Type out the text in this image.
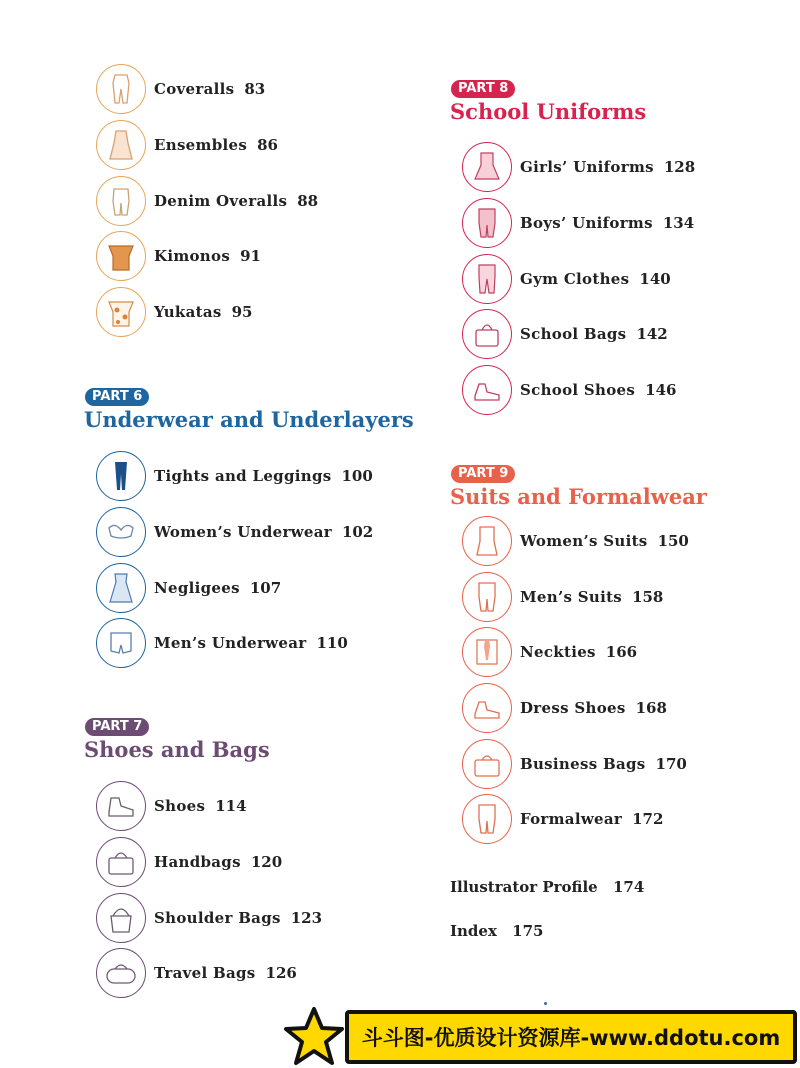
Coveralls 83
Ensembles 86
Denim Overalls 88
Kimonos 91
Yukatas 95
PART 6
Underwear and Underlayers
Tights and Leggings 100
Women’s Underwear 102
Negligees 107
Men’s Underwear 110
PART 7
Shoes and Bags
Shoes 114
Handbags 120
Shoulder Bags 123
Travel Bags 126
PART 8
School Uniforms
Girls’ Uniforms 128
Boys’ Uniforms 134
Gym Clothes 140
School Bags 142
School Shoes 146
PART 9
Suits and Formalwear
Women’s Suits 150
Men’s Suits 158
Neckties 166
Dress Shoes 168
Business Bags 170
Formalwear 172
Illustrator Profile 174
Index 175
斗斗图-优质设计资源库-www.ddotu.com
